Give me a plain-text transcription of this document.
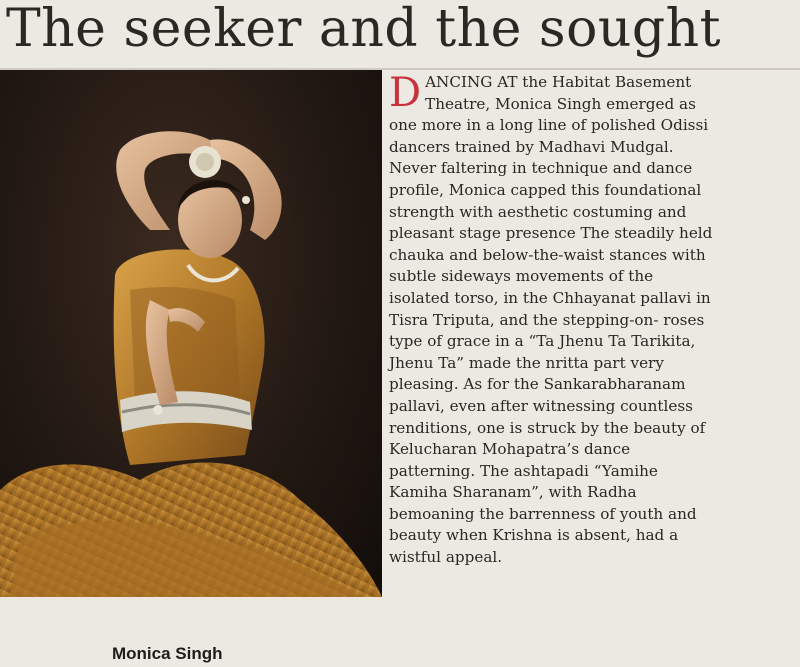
The seeker and the sought
Monica Singh
D ANCING AT the Habitat Basement
Theatre, Monica Singh emerged as
one more in a long line of polished Odissi
dancers trained by Madhavi Mudgal.
Never faltering in technique and dance
profile, Monica capped this foundational
strength with aesthetic costuming and
pleasant stage presence The steadily held
chauka and below-the-waist stances with
subtle sideways movements of the
isolated torso, in the Chhayanat pallavi in
Tisra Triputa, and the stepping-on- roses
type of grace in a “Ta Jhenu Ta Tarikita,
Jhenu Ta” made the nritta part very
pleasing. As for the Sankarabharanam
pallavi, even after witnessing countless
renditions, one is struck by the beauty of
Kelucharan Mohapatra’s dance
patterning. The ashtapadi “Yamihe
Kamiha Sharanam”, with Radha
bemoaning the barrenness of youth and
beauty when Krishna is absent, had a
wistful appeal.
